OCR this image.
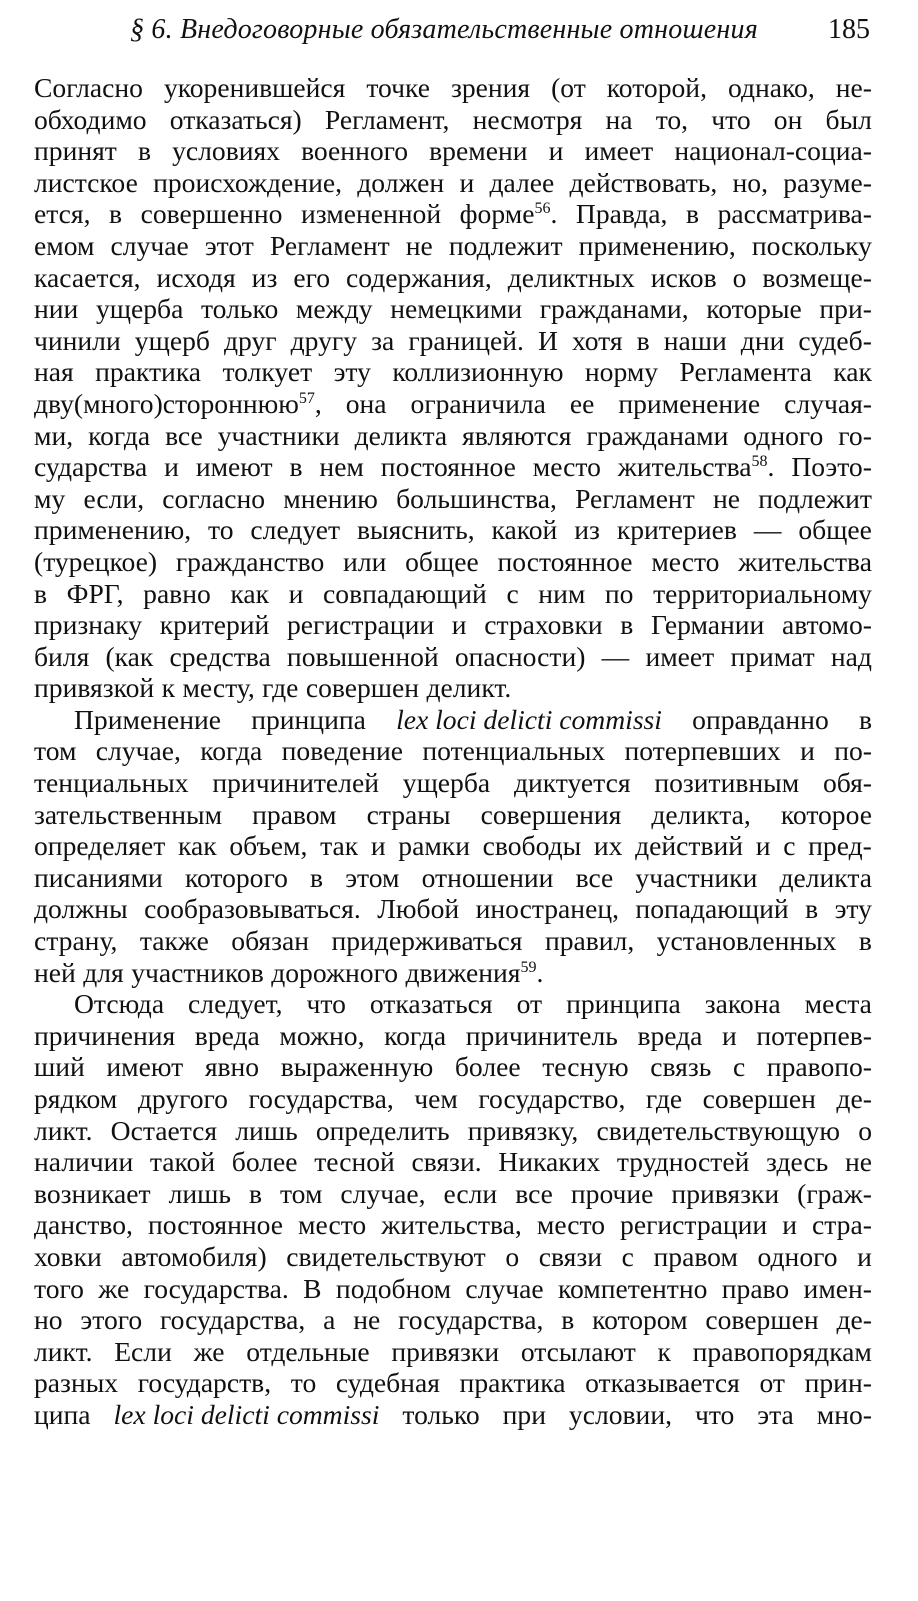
§ 6. Внедоговорные обязательственные отношения	185
Согласно укоренившейся точке зрения (от которой, однако, не-
обходимо отказаться) Регламент, несмотря на то, что он был
принят в условиях военного времени и имеет национал-социа-
листское происхождение, должен и далее действовать, но, разуме-
ется, в совершенно измененной форме$^{56}$. Правда, в рассматрива-
емом случае этот Регламент не подлежит применению, поскольку
касается, исходя из его содержания, деликтных исков о возмеще-
нии ущерба только между немецкими гражданами, которые при-
чинили ущерб друг другу за границей. И хотя в наши дни судеб-
ная практика толкует эту коллизионную норму Регламента как
дву(много)стороннюю$^{57}$, она ограничила ее применение случая-
ми, когда все участники деликта являются гражданами одного го-
сударства и имеют в нем постоянное место жительства$^{58}$. Поэто-
му если, согласно мнению большинства, Регламент не подлежит
применению, то следует выяснить, какой из критериев — общее
(турецкое) гражданство или общее постоянное место жительства
в ФРГ, равно как и совпадающий с ним по территориальному
признаку критерий регистрации и страховки в Германии автомо-
биля (как средства повышенной опасности) — имеет примат над
привязкой к месту, где совершен деликт.
Применение принципа lex loci delicti commissi оправданно в
том случае, когда поведение потенциальных потерпевших и по-
тенциальных причинителей ущерба диктуется позитивным обя-
зательственным правом страны совершения деликта, которое
определяет как объем, так и рамки свободы их действий и с пред-
писаниями которого в этом отношении все участники деликта
должны сообразовываться. Любой иностранец, попадающий в эту
страну, также обязан придерживаться правил, установленных в
ней для участников дорожного движения$^{59}$.
Отсюда следует, что отказаться от принципа закона места
причинения вреда можно, когда причинитель вреда и потерпев-
ший имеют явно выраженную более тесную связь с правопо-
рядком другого государства, чем государство, где совершен де-
ликт. Остается лишь определить привязку, свидетельствующую о
наличии такой более тесной связи. Никаких трудностей здесь не
возникает лишь в том случае, если все прочие привязки (граж-
данство, постоянное место жительства, место регистрации и стра-
ховки автомобиля) свидетельствуют о связи с правом одного и
того же государства. В подобном случае компетентно право имен-
но этого государства, а не государства, в котором совершен де-
ликт. Если же отдельные привязки отсылают к правопорядкам
разных государств, то судебная практика отказывается от прин-
ципа lex loci delicti commissi только при условии, что эта мно-
